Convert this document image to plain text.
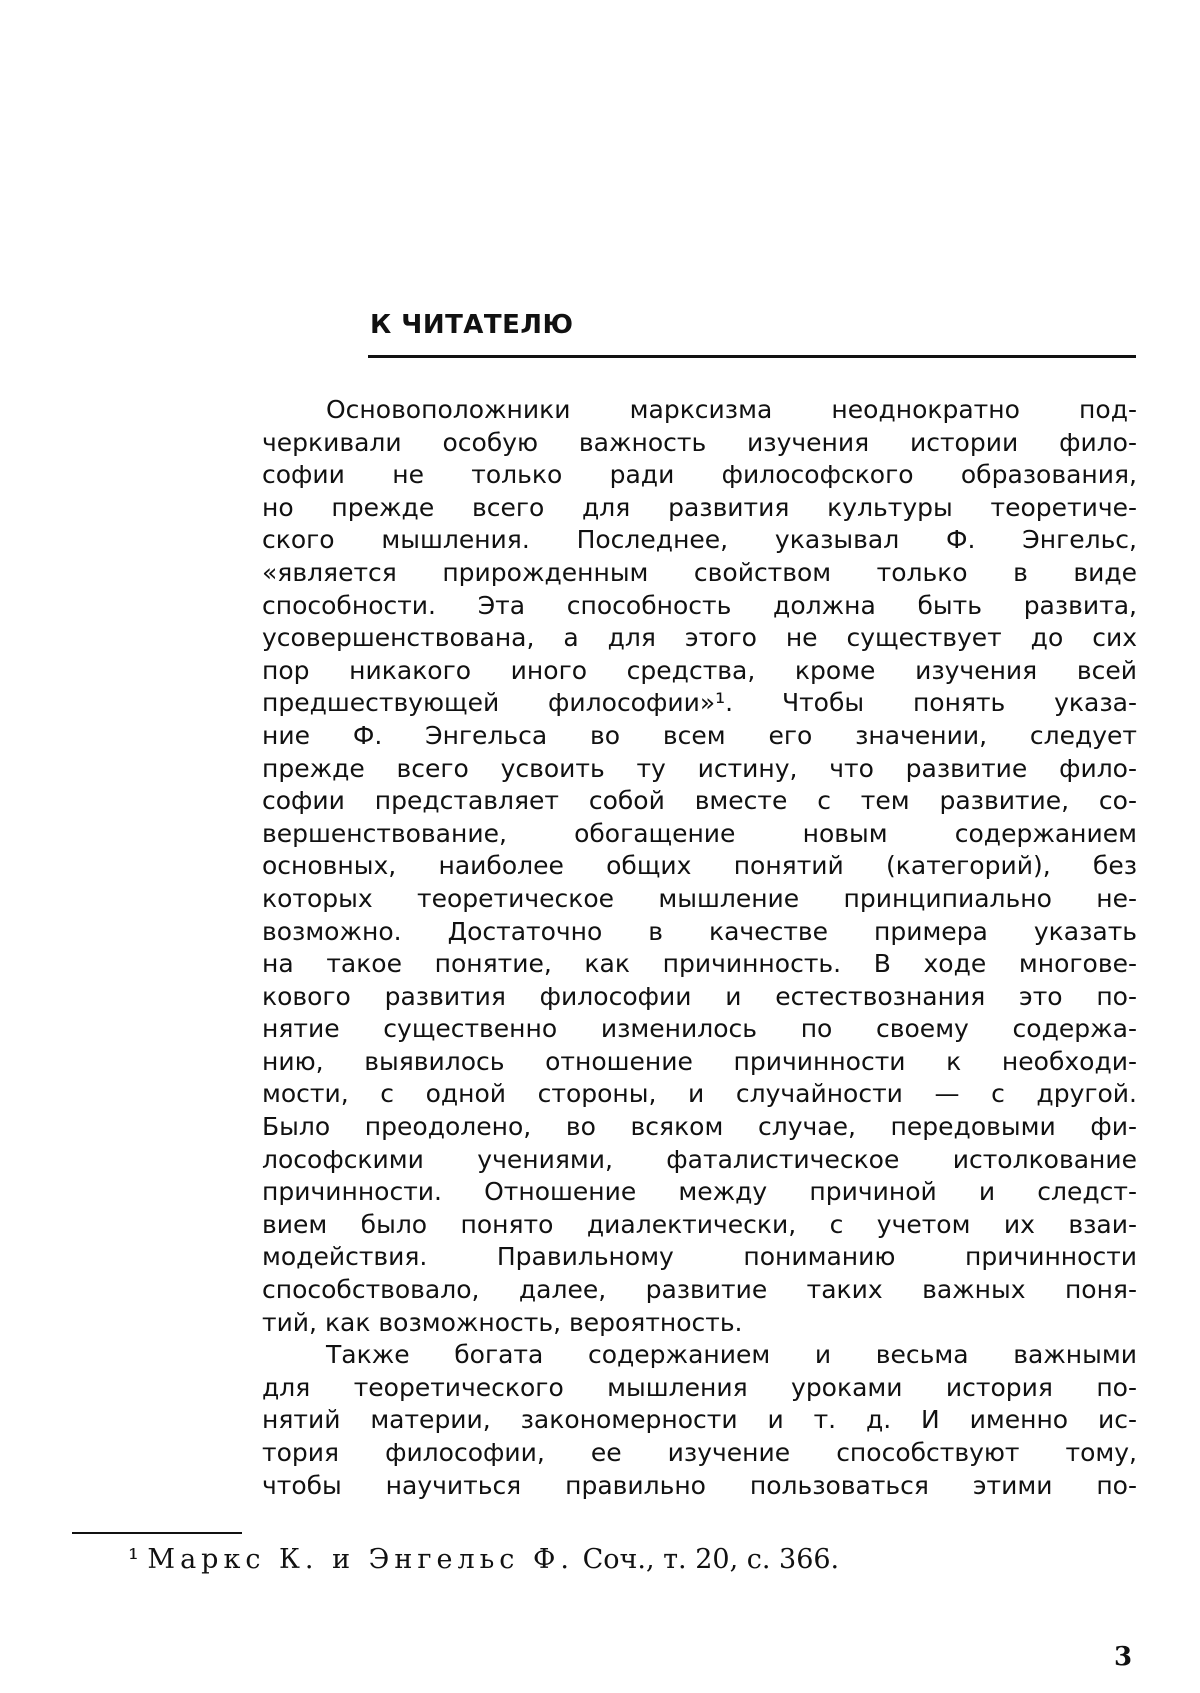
К ЧИТАТЕЛЮ
Основоположники марксизма неоднократно под-
черкивали особую важность изучения истории фило-
софии не только ради философского образования,
но прежде всего для развития культуры теоретиче-
ского мышления. Последнее, указывал Ф. Энгельс,
«является прирожденным свойством только в виде
способности. Эта способность должна быть развита,
усовершенствована, а для этого не существует до сих
пор никакого иного средства, кроме изучения всей
предшествующей философии»¹. Чтобы понять указа-
ние Ф. Энгельса во всем его значении, следует
прежде всего усвоить ту истину, что развитие фило-
софии представляет собой вместе с тем развитие, со-
вершенствование, обогащение новым содержанием
основных, наиболее общих понятий (категорий), без
которых теоретическое мышление принципиально не-
возможно. Достаточно в качестве примера указать
на такое понятие, как причинность. В ходе многове-
кового развития философии и естествознания это по-
нятие существенно изменилось по своему содержа-
нию, выявилось отношение причинности к необходи-
мости, с одной стороны, и случайности — с другой.
Было преодолено, во всяком случае, передовыми фи-
лософскими учениями, фаталистическое истолкование
причинности. Отношение между причиной и следст-
вием было понято диалектически, с учетом их взаи-
модействия. Правильному пониманию причинности
способствовало, далее, развитие таких важных поня-
тий, как возможность, вероятность.
Также богата содержанием и весьма важными
для теоретического мышления уроками история по-
нятий материи, закономерности и т. д. И именно ис-
тория философии, ее изучение способствуют тому,
чтобы научиться правильно пользоваться этими по-

¹ Маркс К. и Энгельс Ф. Соч., т. 20, с. 366.

3
